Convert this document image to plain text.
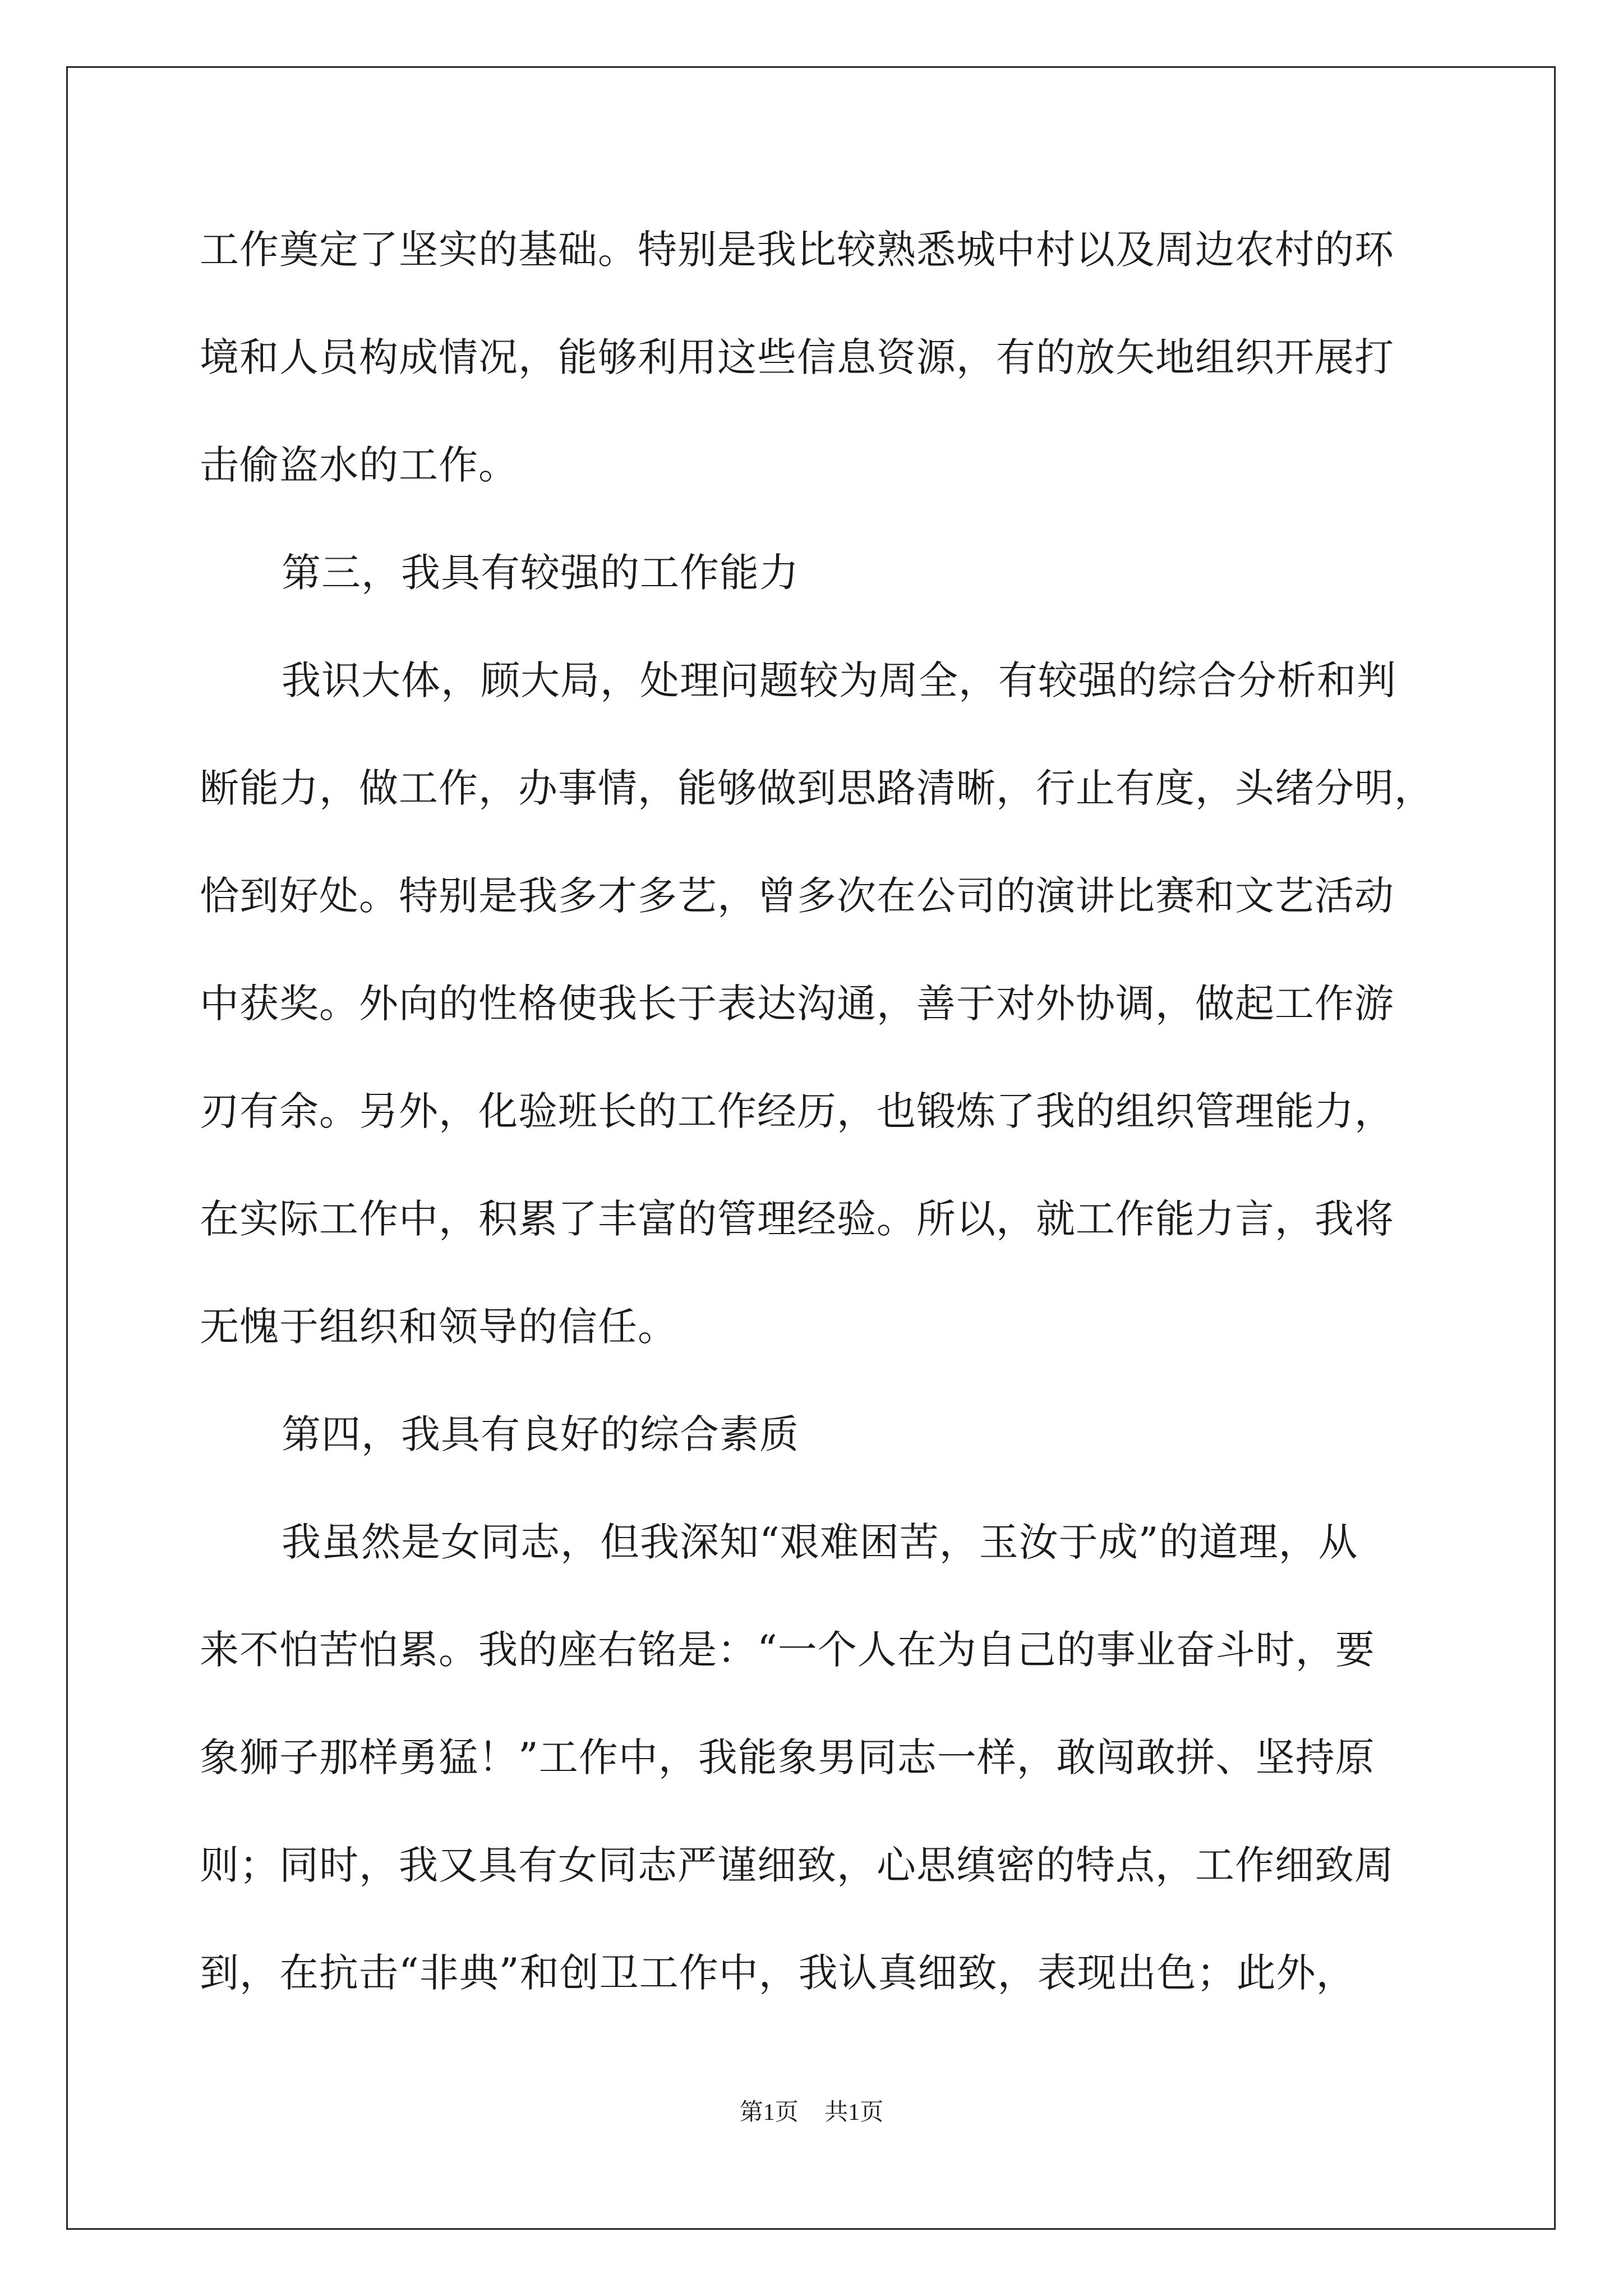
工作奠定了坚实的基础。特别是我比较熟悉城中村以及周边农村的环
境和人员构成情况，能够利用这些信息资源，有的放矢地组织开展打
击偷盗水的工作。
第三，我具有较强的工作能力
我识大体，顾大局，处理问题较为周全，有较强的综合分析和判
断能力，做工作，办事情，能够做到思路清晰，行止有度，头绪分明，
恰到好处。特别是我多才多艺，曾多次在公司的演讲比赛和文艺活动
中获奖。外向的性格使我长于表达沟通，善于对外协调，做起工作游
刃有余。另外，化验班长的工作经历，也锻炼了我的组织管理能力，
在实际工作中，积累了丰富的管理经验。所以，就工作能力言，我将
无愧于组织和领导的信任。
第四，我具有良好的综合素质
我虽然是女同志，但我深知“艰难困苦，玉汝于成”的道理，从
来不怕苦怕累。我的座右铭是：“一个人在为自己的事业奋斗时，要
象狮子那样勇猛！”工作中，我能象男同志一样，敢闯敢拼、坚持原
则；同时，我又具有女同志严谨细致，心思缜密的特点，工作细致周
到，在抗击“非典”和创卫工作中，我认真细致，表现出色；此外，
第1页 共1页
